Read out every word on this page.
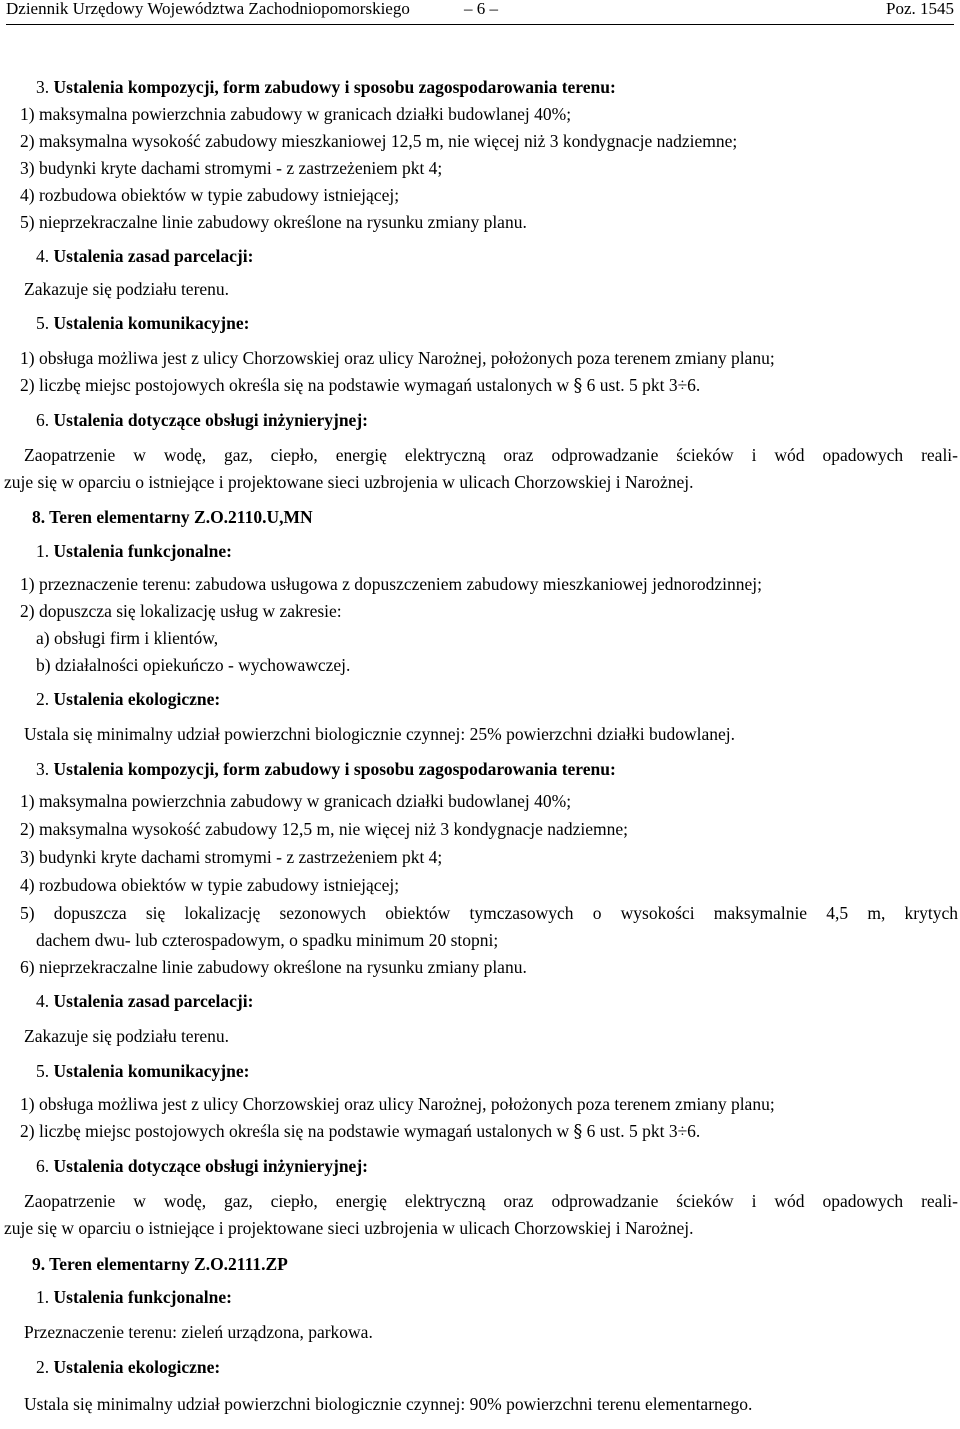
Dziennik Urzędowy Województwa Zachodniopomorskiego	– 6 –	Poz. 1545
3. Ustalenia kompozycji, form zabudowy i sposobu zagospodarowania terenu:
1) maksymalna powierzchnia zabudowy w granicach działki budowlanej 40%;
2) maksymalna wysokość zabudowy mieszkaniowej 12,5 m, nie więcej niż 3 kondygnacje nadziemne;
3) budynki kryte dachami stromymi - z zastrzeżeniem pkt 4;
4) rozbudowa obiektów w typie zabudowy istniejącej;
5) nieprzekraczalne linie zabudowy określone na rysunku zmiany planu.
4. Ustalenia zasad parcelacji:
Zakazuje się podziału terenu.
5. Ustalenia komunikacyjne:
1) obsługa możliwa jest z ulicy Chorzowskiej oraz ulicy Narożnej, położonych poza terenem zmiany planu;
2) liczbę miejsc postojowych określa się na podstawie wymagań ustalonych w § 6 ust. 5 pkt 3÷6.
6. Ustalenia dotyczące obsługi inżynieryjnej:
Zaopatrzenie w wodę, gaz, ciepło, energię elektryczną oraz odprowadzanie ścieków i wód opadowych reali-
zuje się w oparciu o istniejące i projektowane sieci uzbrojenia w ulicach Chorzowskiej i Narożnej.
8. Teren elementarny Z.O.2110.U,MN
1. Ustalenia funkcjonalne:
1) przeznaczenie terenu: zabudowa usługowa z dopuszczeniem zabudowy mieszkaniowej jednorodzinnej;
2) dopuszcza się lokalizację usług w zakresie:
a) obsługi firm i klientów,
b) działalności opiekuńczo - wychowawczej.
2. Ustalenia ekologiczne:
Ustala się minimalny udział powierzchni biologicznie czynnej: 25% powierzchni działki budowlanej.
3. Ustalenia kompozycji, form zabudowy i sposobu zagospodarowania terenu:
1) maksymalna powierzchnia zabudowy w granicach działki budowlanej 40%;
2) maksymalna wysokość zabudowy 12,5 m, nie więcej niż 3 kondygnacje nadziemne;
3) budynki kryte dachami stromymi - z zastrzeżeniem pkt 4;
4) rozbudowa obiektów w typie zabudowy istniejącej;
5) dopuszcza się lokalizację sezonowych obiektów tymczasowych o wysokości maksymalnie 4,5 m, krytych
dachem dwu- lub czterospadowym, o spadku minimum 20 stopni;
6) nieprzekraczalne linie zabudowy określone na rysunku zmiany planu.
4. Ustalenia zasad parcelacji:
Zakazuje się podziału terenu.
5. Ustalenia komunikacyjne:
1) obsługa możliwa jest z ulicy Chorzowskiej oraz ulicy Narożnej, położonych poza terenem zmiany planu;
2) liczbę miejsc postojowych określa się na podstawie wymagań ustalonych w § 6 ust. 5 pkt 3÷6.
6. Ustalenia dotyczące obsługi inżynieryjnej:
Zaopatrzenie w wodę, gaz, ciepło, energię elektryczną oraz odprowadzanie ścieków i wód opadowych reali-
zuje się w oparciu o istniejące i projektowane sieci uzbrojenia w ulicach Chorzowskiej i Narożnej.
9. Teren elementarny Z.O.2111.ZP
1. Ustalenia funkcjonalne:
Przeznaczenie terenu: zieleń urządzona, parkowa.
2. Ustalenia ekologiczne:
Ustala się minimalny udział powierzchni biologicznie czynnej: 90% powierzchni terenu elementarnego.
